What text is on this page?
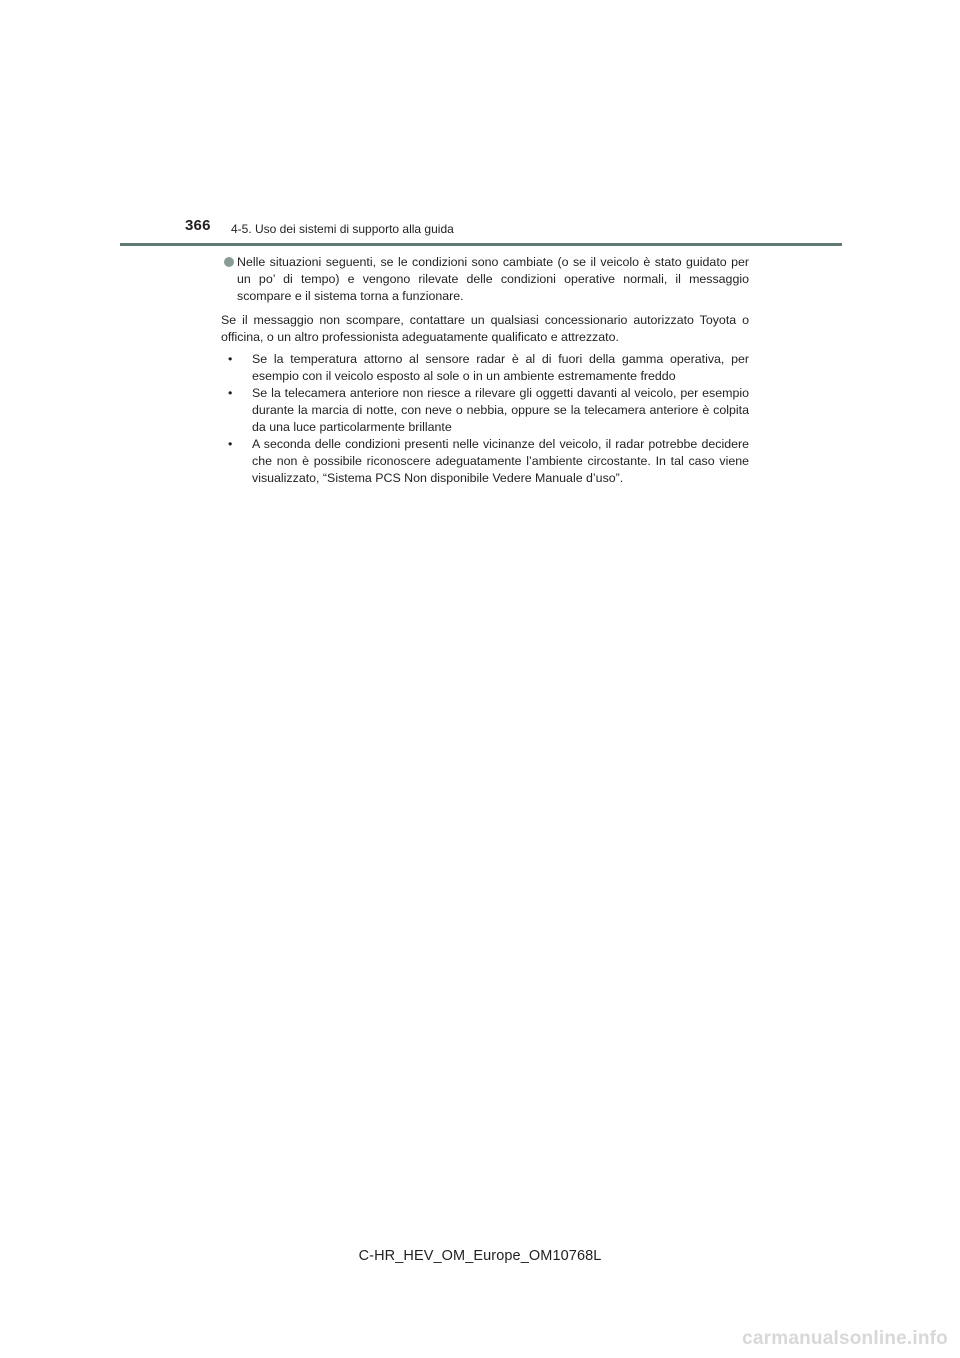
366 4-5. Uso dei sistemi di supporto alla guida
Nelle situazioni seguenti, se le condizioni sono cambiate (o se il veicolo è stato guidato per un po’ di tempo) e vengono rilevate delle condizioni operative normali, il messaggio scompare e il sistema torna a funzionare.

Se il messaggio non scompare, contattare un qualsiasi concessionario autorizzato Toyota o officina, o un altro professionista adeguatamente qualificato e attrezzato.

• Se la temperatura attorno al sensore radar è al di fuori della gamma operativa, per esempio con il veicolo esposto al sole o in un ambiente estremamente freddo
• Se la telecamera anteriore non riesce a rilevare gli oggetti davanti al veicolo, per esempio durante la marcia di notte, con neve o nebbia, oppure se la telecamera anteriore è colpita da una luce particolarmente brillante
• A seconda delle condizioni presenti nelle vicinanze del veicolo, il radar potrebbe decidere che non è possibile riconoscere adeguatamente l’ambiente circostante. In tal caso viene visualizzato, “Sistema PCS Non disponibile Vedere Manuale d’uso”.
C-HR_HEV_OM_Europe_OM10768L
carmanualsonline.info
